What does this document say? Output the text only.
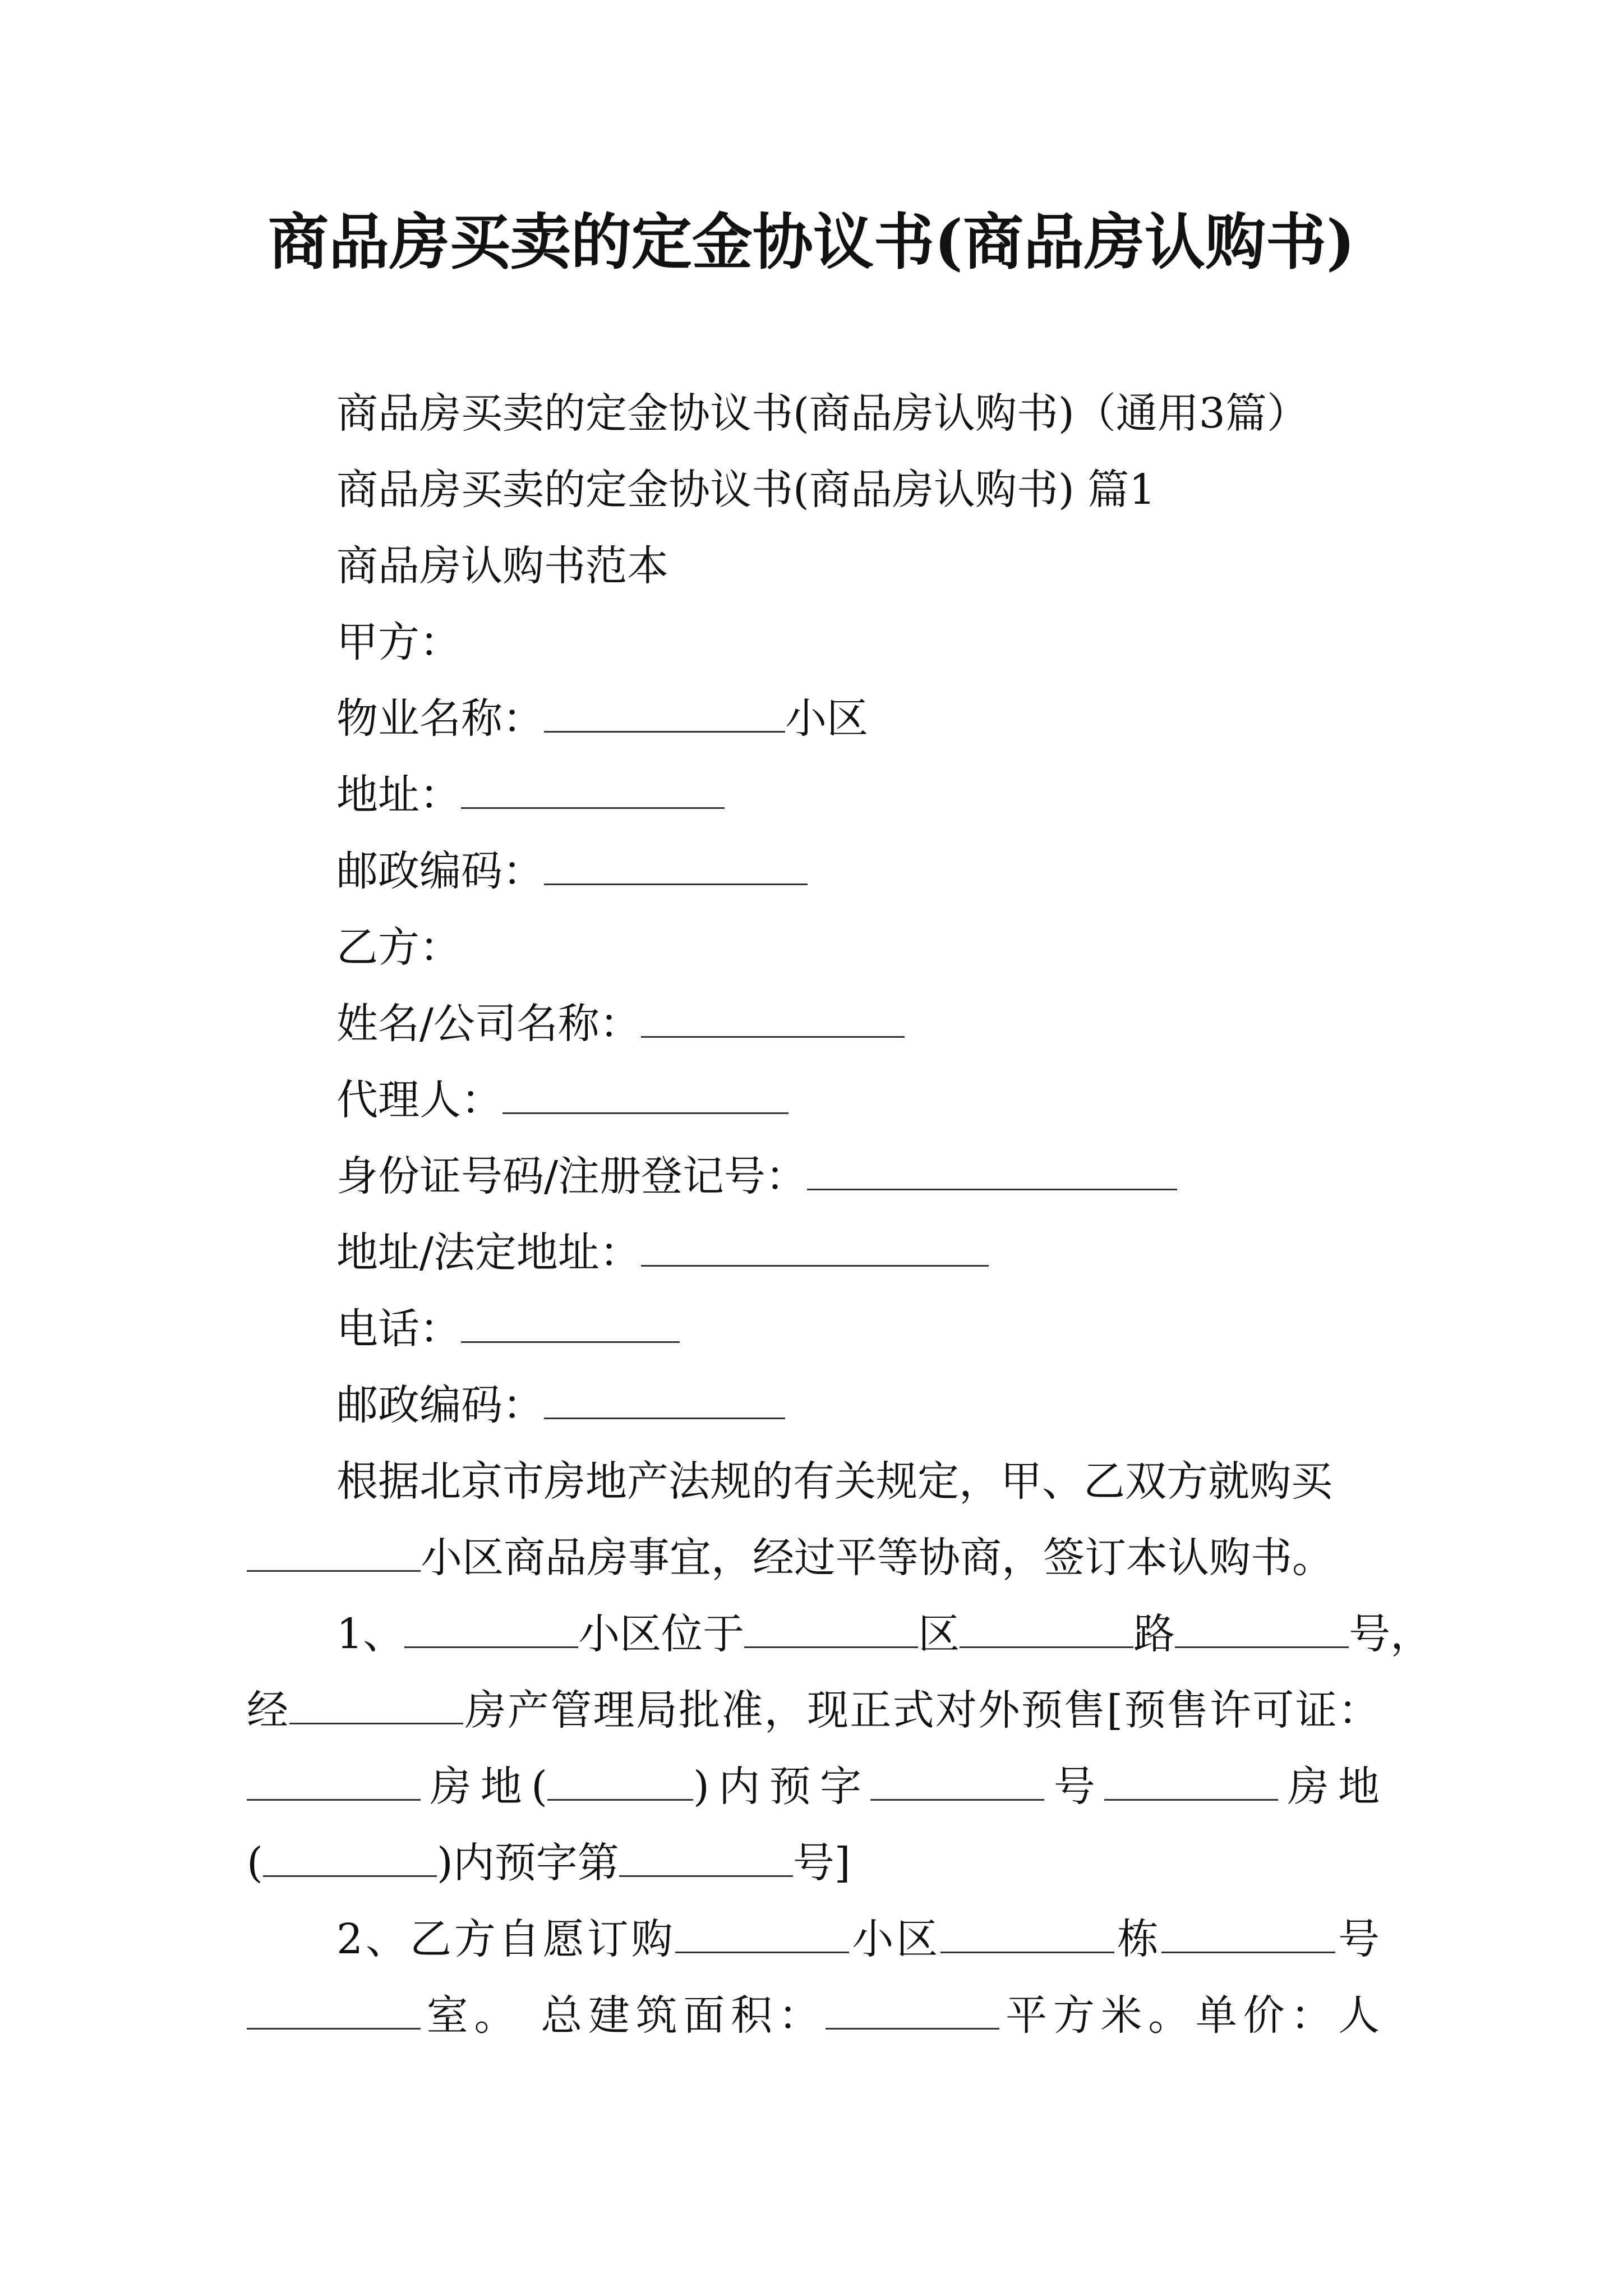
商品房买卖的定金协议书(商品房认购书)
商品房买卖的定金协议书(商品房认购书)（通用3篇）
商品房买卖的定金协议书(商品房认购书) 篇1
商品房认购书范本
甲方：
物业名称：	小区
地址：
邮政编码：
乙方：
姓名/公司名称：
代理人：
身份证号码/注册登记号：
地址/法定地址：
电话：
邮政编码：
根据北京市房地产法规的有关规定，甲、乙双方就购买
小区商品房事宜，经过平等协商，签订本认购书。
1、	小区位于	区	路	号，
经	房产管理局批准，现正式对外预售[预售许可证：
房地(	)内预字	号	房地
(	)内预字第	号]
2、乙方自愿订购	小区	栋	号
室。 总建筑面积：	平方米。单价：人
